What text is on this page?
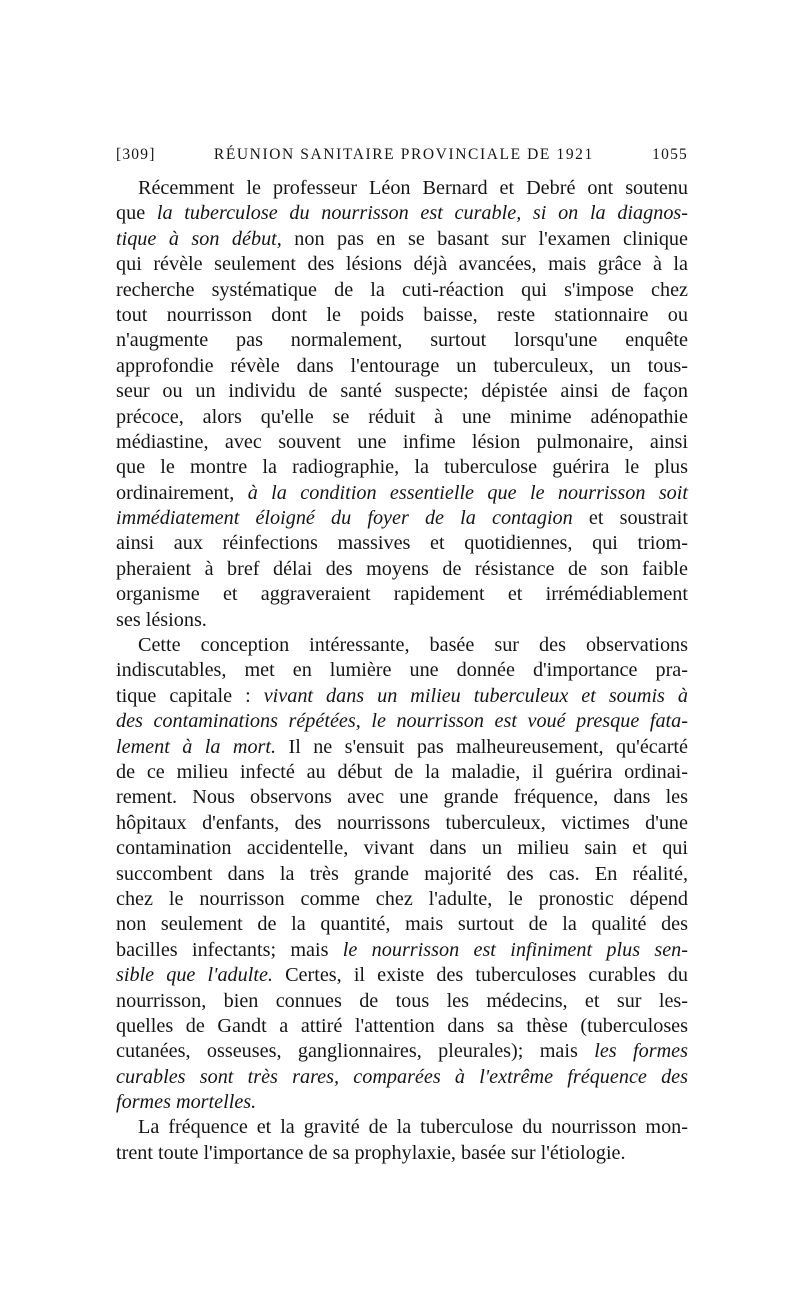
[309]	RÉUNION SANITAIRE PROVINCIALE DE 1921	1055
Récemment le professeur Léon Bernard et Debré ont soutenu
que la tuberculose du nourrisson est curable, si on la diagnos-
tique à son début, non pas en se basant sur l'examen clinique
qui révèle seulement des lésions déjà avancées, mais grâce à la
recherche systématique de la cuti-réaction qui s'impose chez
tout nourrisson dont le poids baisse, reste stationnaire ou
n'augmente pas normalement, surtout lorsqu'une enquête
approfondie révèle dans l'entourage un tuberculeux, un tous-
seur ou un individu de santé suspecte; dépistée ainsi de façon
précoce, alors qu'elle se réduit à une minime adénopathie
médiastine, avec souvent une infime lésion pulmonaire, ainsi
que le montre la radiographie, la tuberculose guérira le plus
ordinairement, à la condition essentielle que le nourrisson soit
immédiatement éloigné du foyer de la contagion et soustrait
ainsi aux réinfections massives et quotidiennes, qui triom-
pheraient à bref délai des moyens de résistance de son faible
organisme et aggraveraient rapidement et irrémédiablement
ses lésions.
Cette conception intéressante, basée sur des observations
indiscutables, met en lumière une donnée d'importance pra-
tique capitale : vivant dans un milieu tuberculeux et soumis à
des contaminations répétées, le nourrisson est voué presque fata-
lement à la mort. Il ne s'ensuit pas malheureusement, qu'écarté
de ce milieu infecté au début de la maladie, il guérira ordinai-
rement. Nous observons avec une grande fréquence, dans les
hôpitaux d'enfants, des nourrissons tuberculeux, victimes d'une
contamination accidentelle, vivant dans un milieu sain et qui
succombent dans la très grande majorité des cas. En réalité,
chez le nourrisson comme chez l'adulte, le pronostic dépend
non seulement de la quantité, mais surtout de la qualité des
bacilles infectants; mais le nourrisson est infiniment plus sen-
sible que l'adulte. Certes, il existe des tuberculoses curables du
nourrisson, bien connues de tous les médecins, et sur les-
quelles de Gandt a attiré l'attention dans sa thèse (tuberculoses
cutanées, osseuses, ganglionnaires, pleurales); mais les formes
curables sont très rares, comparées à l'extrême fréquence des
formes mortelles.
La fréquence et la gravité de la tuberculose du nourrisson mon-
trent toute l'importance de sa prophylaxie, basée sur l'étiologie.
